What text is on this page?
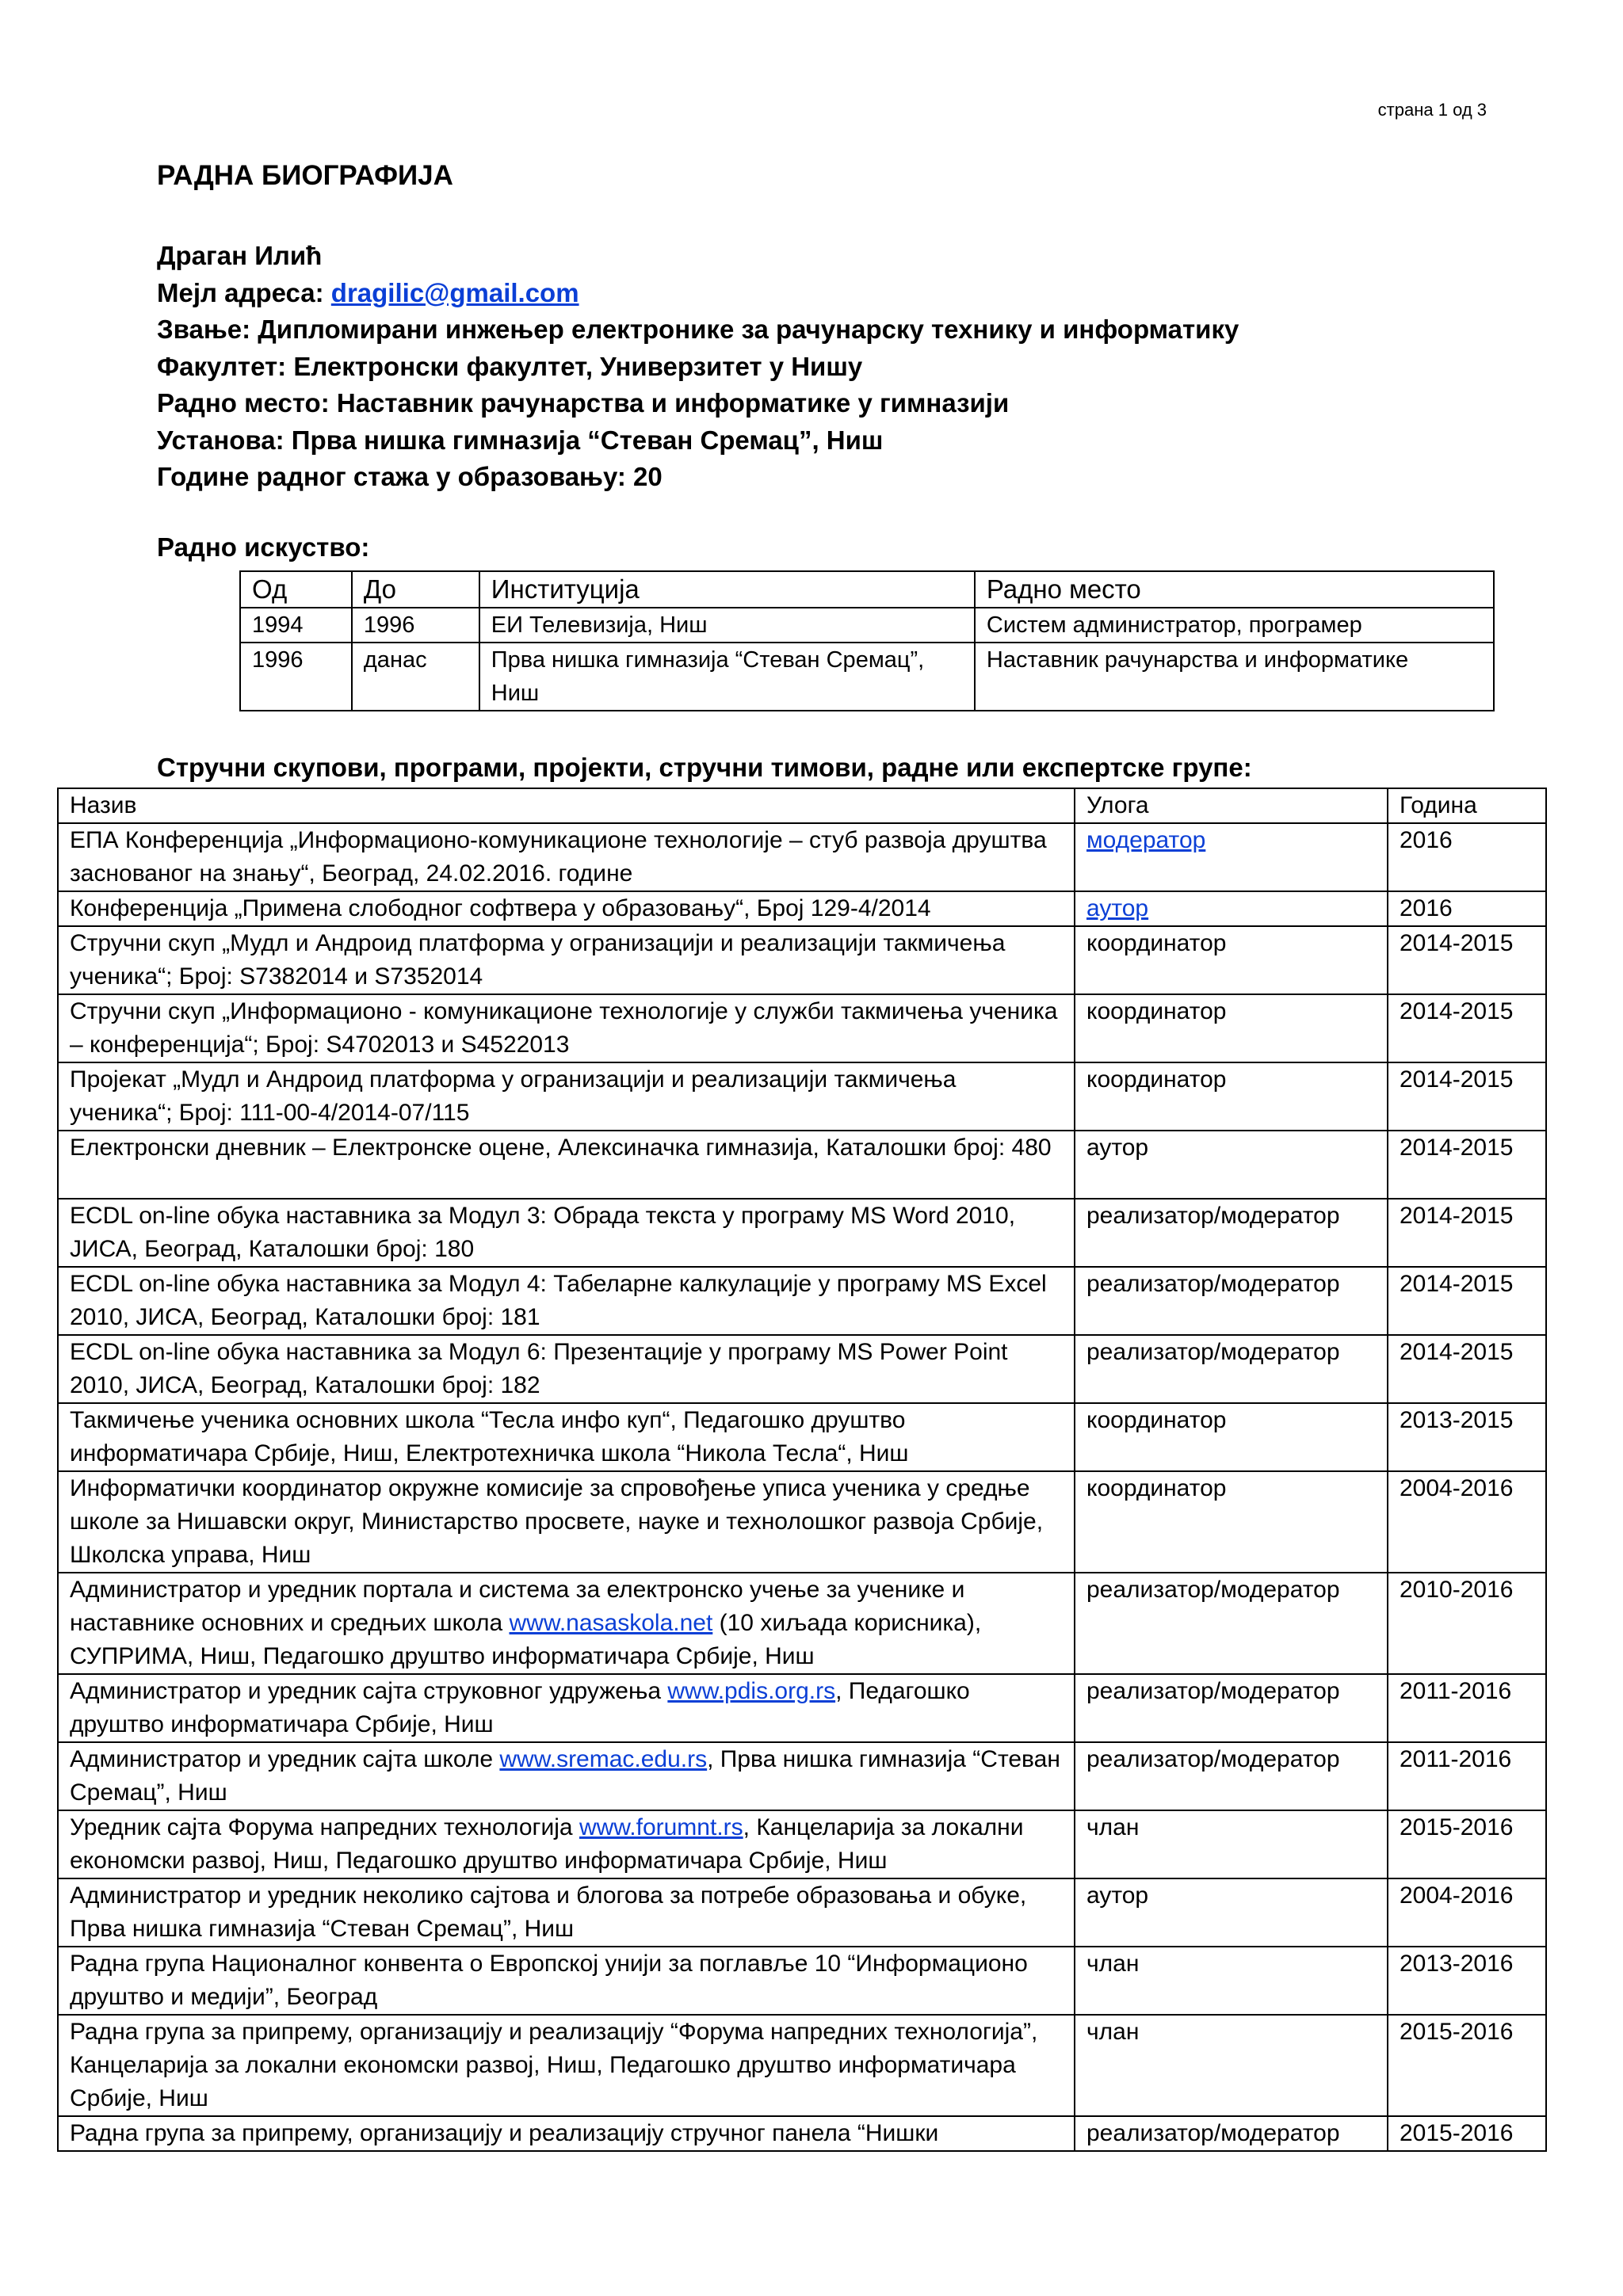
страна 1 од 3
РАДНА БИОГРАФИЈА
Драган Илић
Мејл адреса: dragilic@gmail.com
Звање: Дипломирани инжењер електронике за рачунарску технику и информатику
Факултет: Електронски факултет, Универзитет у Нишу
Радно место: Наставник рачунарства и информатике у гимназији
Установа: Прва нишка гимназија “Стеван Сремац”, Ниш
Године радног стажа у образовању: 20
Радно искуство:
Од	До	Институција	Радно место
1994	1996	ЕИ Телевизија, Ниш	Систем администратор, програмер
1996	данас	Прва нишка гимназија “Стеван Сремац”, Ниш	Наставник рачунарства и информатике
Стручни скупови, програми, пројекти, стручни тимови, радне или експертске групе:
Назив	Улога	Година
ЕПА Конференција „Информационо-комуникационе технологије – стуб развоја друштва заснованог на знању“, Београд, 24.02.2016. године	модератор	2016
Конференција „Примена слободног софтвера у образовању“, Број 129-4/2014	аутор	2016
Стручни скуп „Мудл и Андроид платформа у огранизацији и реализацији такмичења ученика“; Број: S7382014 и S7352014	координатор	2014-2015
Стручни скуп „Информационо - комуникационе технологије у служби такмичења ученика – конференција“; Број: S4702013 и S4522013	координатор	2014-2015
Пројекат „Мудл и Андроид платформа у огранизацији и реализацији такмичења ученика“; Број: 111-00-4/2014-07/115	координатор	2014-2015
Електронски дневник – Електронске оцене, Алексиначка гимназија, Каталошки број: 480	аутор	2014-2015
ECDL on-line обука наставника за Модул 3: Обрада текста у програму MS Word 2010, ЈИСА, Београд, Каталошки број: 180	реализатор/модератор	2014-2015
ECDL on-line обука наставника за Модул 4: Табеларне калкулације у програму MS Excel 2010, ЈИСА, Београд, Каталошки број: 181	реализатор/модератор	2014-2015
ECDL on-line обука наставника за Модул 6: Презентације у програму MS Power Point 2010, ЈИСА, Београд, Каталошки број: 182	реализатор/модератор	2014-2015
Такмичење ученика основних школа “Тесла инфо куп“, Педагошко друштво информатичара Србије, Ниш, Електротехничка школа “Никола Тесла“, Ниш	координатор	2013-2015
Информатички координатор окружне комисије за спровођење уписа ученика у средње школе за Нишавски округ, Министарство просвете, науке и технолошког развоја Србије, Школска управа, Ниш	координатор	2004-2016
Администратор и уредник портала и система за електронско учење за ученике и наставнике основних и средњих школа www.nasaskola.net (10 хиљада корисника), СУПРИМА, Ниш, Педагошко друштво информатичара Србије, Ниш	реализатор/модератор	2010-2016
Администратор и уредник сајта струковног удружења www.pdis.org.rs, Педагошко друштво информатичара Србије, Ниш	реализатор/модератор	2011-2016
Администратор и уредник сајта школе www.sremac.edu.rs, Прва нишка гимназија “Стеван Сремац”, Ниш	реализатор/модератор	2011-2016
Уредник сајта Форума напредних технологија www.forumnt.rs, Канцеларија за локални економски развој, Ниш, Педагошко друштво информатичара Србије, Ниш	члан	2015-2016
Администратор и уредник неколико сајтова и блогова за потребе образовања и обуке, Прва нишка гимназија “Стеван Сремац”, Ниш	аутор	2004-2016
Радна група Националног конвента о Европској унији за поглавље 10 “Информационо друштво и медији”, Београд	члан	2013-2016
Радна група за припрему, организацију и реализацију “Форума напредних технологија”, Канцеларија за локални економски развој, Ниш, Педагошко друштво информатичара Србије, Ниш	члан	2015-2016
Радна група за припрему, организацију и реализацију стручног панела “Нишки	реализатор/модератор	2015-2016
